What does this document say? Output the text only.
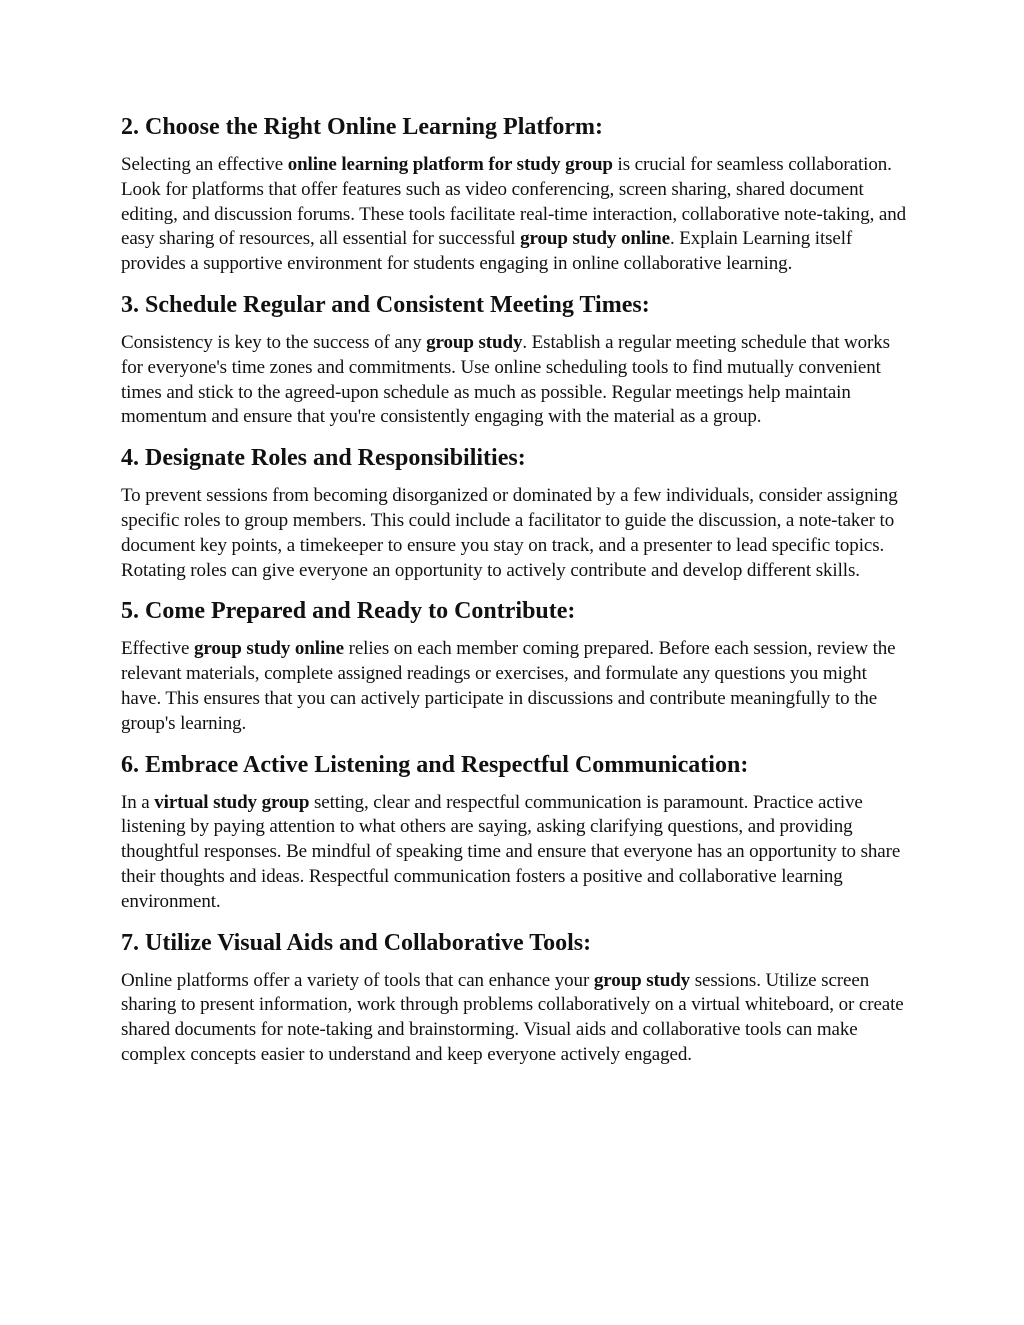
2. Choose the Right Online Learning Platform:

Selecting an effective online learning platform for study group is crucial for seamless collaboration. Look for platforms that offer features such as video conferencing, screen sharing, shared document editing, and discussion forums. These tools facilitate real-time interaction, collaborative note-taking, and easy sharing of resources, all essential for successful group study online. Explain Learning itself provides a supportive environment for students engaging in online collaborative learning.

3. Schedule Regular and Consistent Meeting Times:

Consistency is key to the success of any group study. Establish a regular meeting schedule that works for everyone's time zones and commitments. Use online scheduling tools to find mutually convenient times and stick to the agreed-upon schedule as much as possible. Regular meetings help maintain momentum and ensure that you're consistently engaging with the material as a group.

4. Designate Roles and Responsibilities:

To prevent sessions from becoming disorganized or dominated by a few individuals, consider assigning specific roles to group members. This could include a facilitator to guide the discussion, a note-taker to document key points, a timekeeper to ensure you stay on track, and a presenter to lead specific topics. Rotating roles can give everyone an opportunity to actively contribute and develop different skills.

5. Come Prepared and Ready to Contribute:

Effective group study online relies on each member coming prepared. Before each session, review the relevant materials, complete assigned readings or exercises, and formulate any questions you might have. This ensures that you can actively participate in discussions and contribute meaningfully to the group's learning.

6. Embrace Active Listening and Respectful Communication:

In a virtual study group setting, clear and respectful communication is paramount. Practice active listening by paying attention to what others are saying, asking clarifying questions, and providing thoughtful responses. Be mindful of speaking time and ensure that everyone has an opportunity to share their thoughts and ideas. Respectful communication fosters a positive and collaborative learning environment.

7. Utilize Visual Aids and Collaborative Tools:

Online platforms offer a variety of tools that can enhance your group study sessions. Utilize screen sharing to present information, work through problems collaboratively on a virtual whiteboard, or create shared documents for note-taking and brainstorming. Visual aids and collaborative tools can make complex concepts easier to understand and keep everyone actively engaged.
